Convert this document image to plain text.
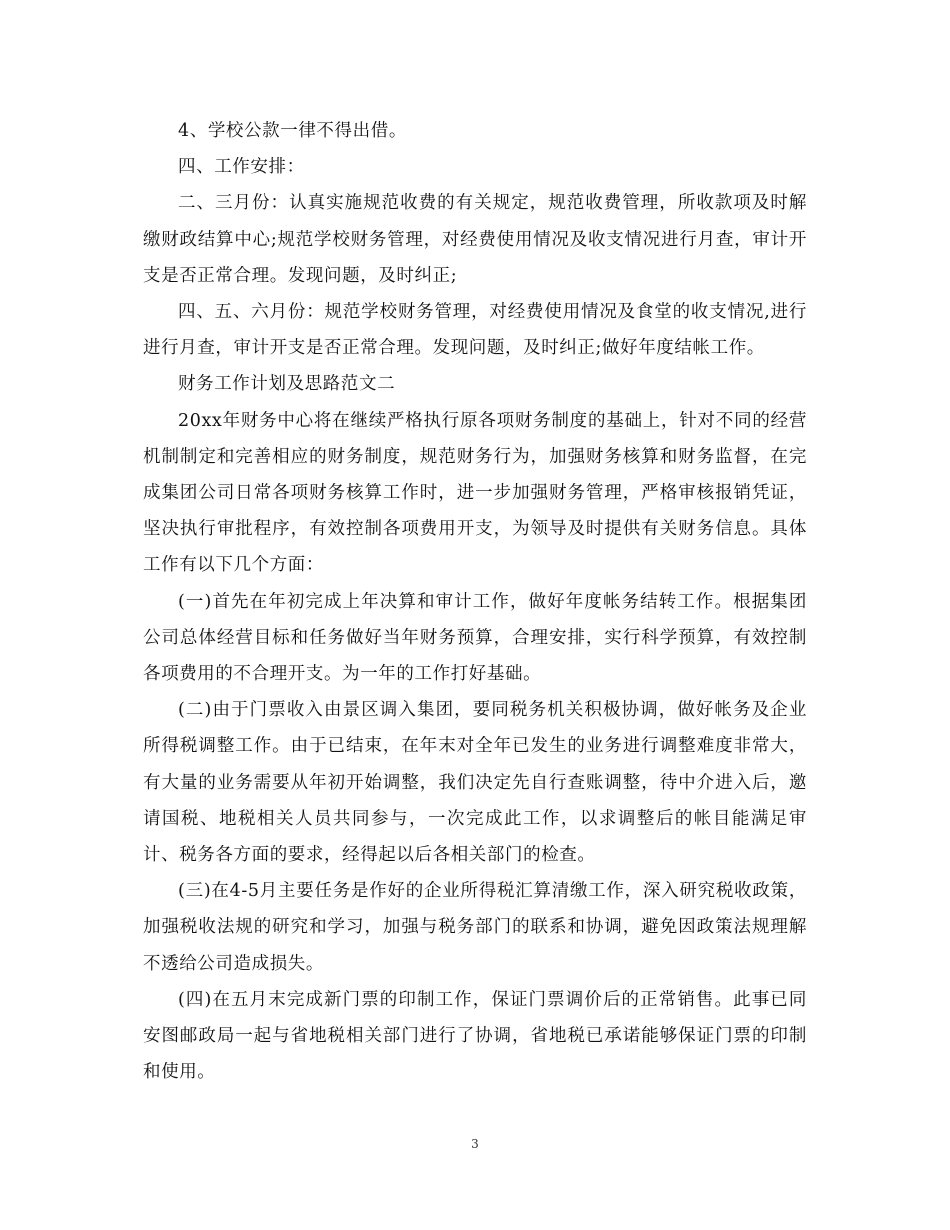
4、学校公款一律不得出借。

四、工作安排：

二、三月份：认真实施规范收费的有关规定，规范收费管理，所收款项及时解缴财政结算中心;规范学校财务管理，对经费使用情况及收支情况进行月查，审计开支是否正常合理。发现问题，及时纠正;

四、五、六月份：规范学校财务管理，对经费使用情况及食堂的收支情况,进行进行月查，审计开支是否正常合理。发现问题，及时纠正;做好年度结帐工作。

财务工作计划及思路范文二

20xx年财务中心将在继续严格执行原各项财务制度的基础上，针对不同的经营机制制定和完善相应的财务制度，规范财务行为，加强财务核算和财务监督，在完成集团公司日常各项财务核算工作时，进一步加强财务管理，严格审核报销凭证，坚决执行审批程序，有效控制各项费用开支，为领导及时提供有关财务信息。具体工作有以下几个方面：

(一)首先在年初完成上年决算和审计工作，做好年度帐务结转工作。根据集团公司总体经营目标和任务做好当年财务预算，合理安排，实行科学预算，有效控制各项费用的不合理开支。为一年的工作打好基础。

(二)由于门票收入由景区调入集团，要同税务机关积极协调，做好帐务及企业所得税调整工作。由于已结束，在年末对全年已发生的业务进行调整难度非常大，有大量的业务需要从年初开始调整，我们决定先自行查账调整，待中介进入后，邀请国税、地税相关人员共同参与，一次完成此工作，以求调整后的帐目能满足审计、税务各方面的要求，经得起以后各相关部门的检查。

(三)在4-5月主要任务是作好的企业所得税汇算清缴工作，深入研究税收政策，加强税收法规的研究和学习，加强与税务部门的联系和协调，避免因政策法规理解不透给公司造成损失。

(四)在五月末完成新门票的印制工作，保证门票调价后的正常销售。此事已同安图邮政局一起与省地税相关部门进行了协调，省地税已承诺能够保证门票的印制和使用。

3
